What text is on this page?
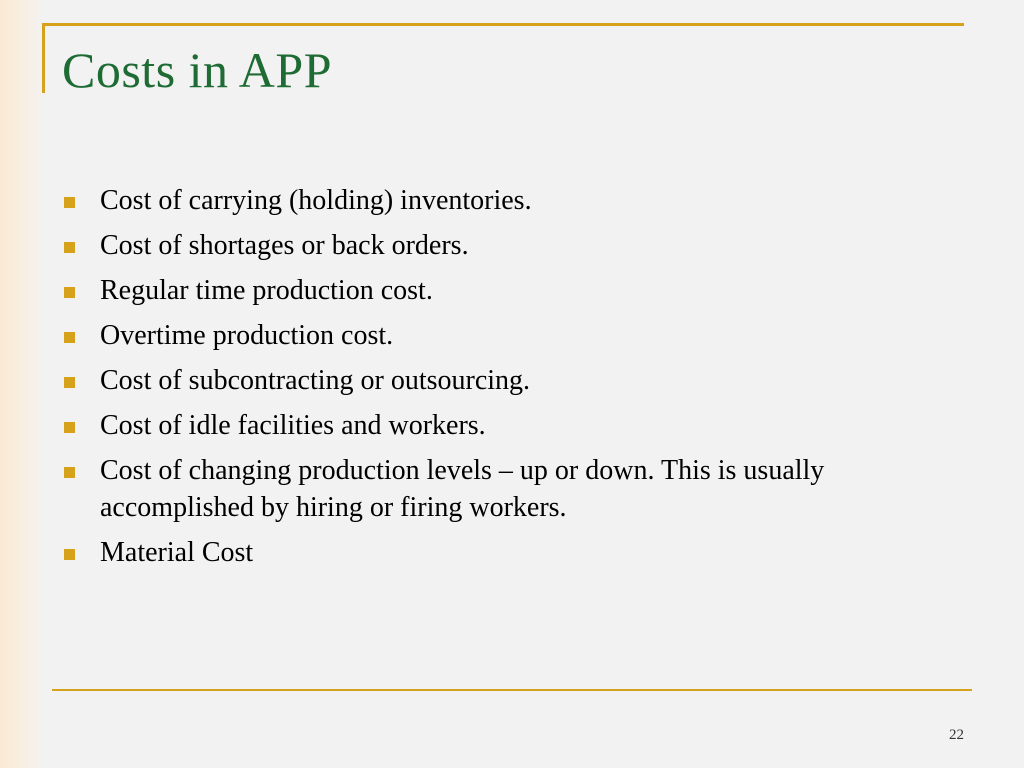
Costs in APP
Cost of carrying (holding) inventories.
Cost of shortages or back orders.
Regular time production cost.
Overtime production cost.
Cost of subcontracting or outsourcing.
Cost of idle facilities and workers.
Cost of changing production levels – up or down. This is usually accomplished by hiring or firing workers.
Material Cost
22
